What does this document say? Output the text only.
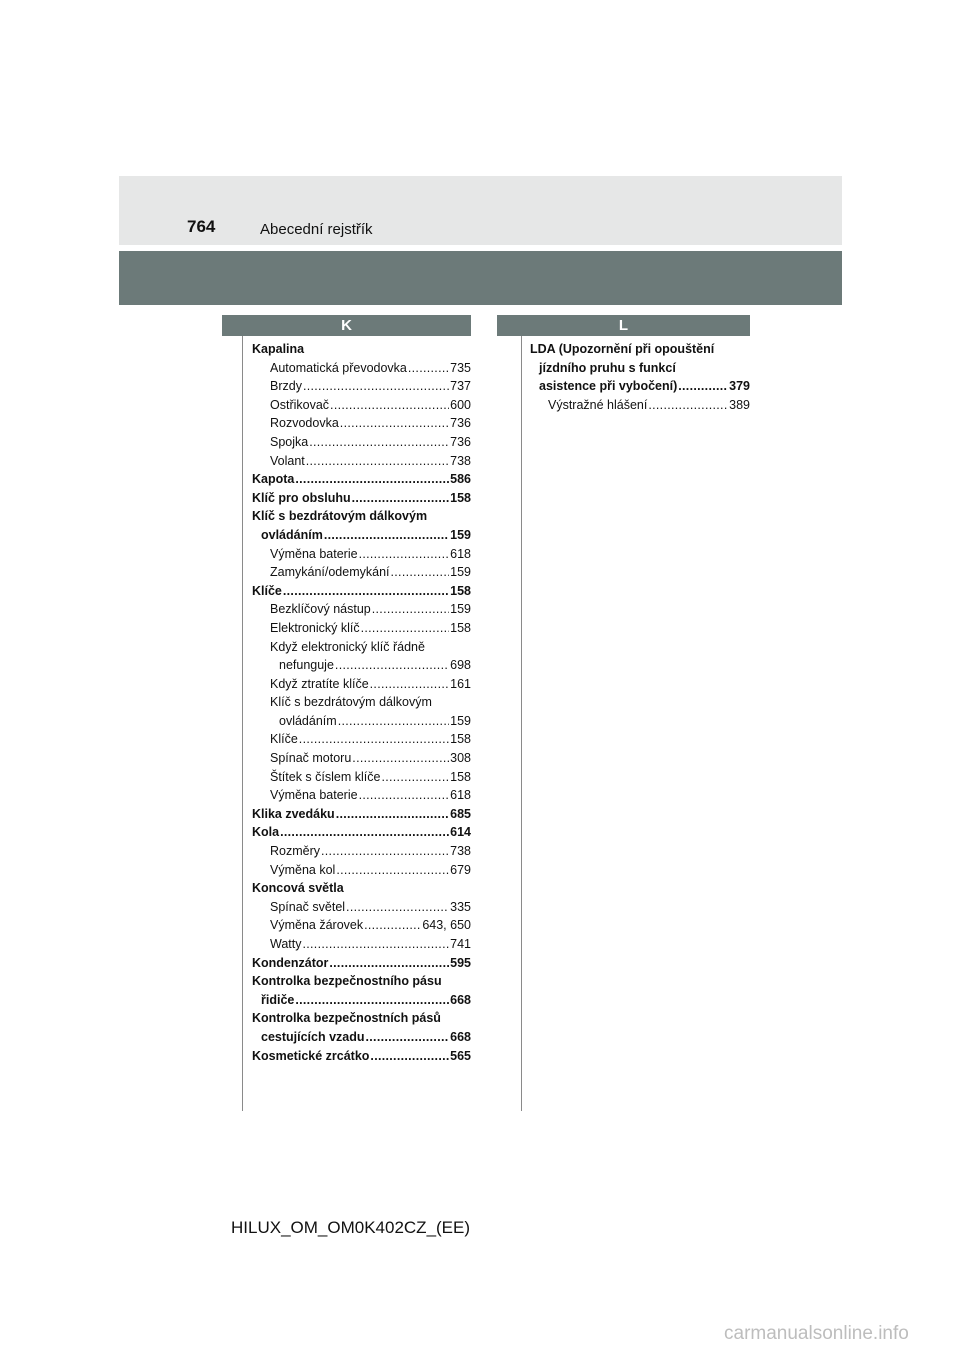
764	Abecední rejstřík
K	L
Kapalina
Automatická převodovka .....	735
Brzdy .....	737
Ostřikovač .....	600
Rozvodovka .....	736
Spojka .....	736
Volant .....	738
Kapota .....	586
Klíč pro obsluhu .....	158
Klíč s bezdrátovým dálkovým
ovládáním .....	159
Výměna baterie .....	618
Zamykání/odemykání .....	159
Klíče .....	158
Bezklíčový nástup .....	159
Elektronický klíč .....	158
Když elektronický klíč řádně
nefunguje .....	698
Když ztratíte klíče .....	161
Klíč s bezdrátovým dálkovým
ovládáním .....	159
Klíče .....	158
Spínač motoru .....	308
Štítek s číslem klíče .....	158
Výměna baterie .....	618
Klika zvedáku .....	685
Kola .....	614
Rozměry .....	738
Výměna kol .....	679
Koncová světla
Spínač světel .....	335
Výměna žárovek .....	643, 650
Watty .....	741
Kondenzátor .....	595
Kontrolka bezpečnostního pásu
řidiče .....	668
Kontrolka bezpečnostních pásů
cestujících vzadu .....	668
Kosmetické zrcátko .....	565
LDA (Upozornění při opouštění
jízdního pruhu s funkcí
asistence při vybočení) .....	379
Výstražné hlášení .....	389
HILUX_OM_OM0K402CZ_(EE)
carmanualsonline.info
